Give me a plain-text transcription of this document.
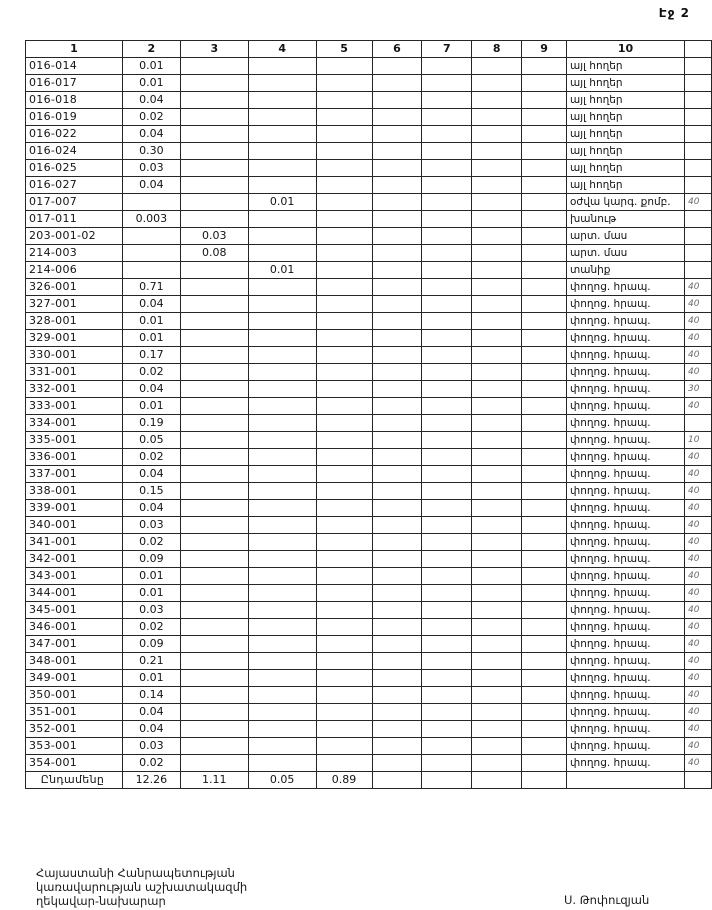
Էջ 2
1	2	3	4	5	6	7	8	9	10	
016-014	0.01								այլ հողեր	
016-017	0.01								այլ հողեր	
016-018	0.04								այլ հողեր	
016-019	0.02								այլ հողեր	
016-022	0.04								այլ հողեր	
016-024	0.30								այլ հողեր	
016-025	0.03								այլ հողեր	
016-027	0.04								այլ հողեր	
017-007			0.01						օժվա կարգ. քոմբ.	40
017-011	0.003								խանութ	
203-001-02		0.03							արտ. մաս	
214-003		0.08							արտ. մաս	
214-006			0.01						տանիք	
326-001	0.71								փողոց. հրապ.	40
327-001	0.04								փողոց. հրապ.	40
328-001	0.01								փողոց. հրապ.	40
329-001	0.01								փողոց. հրապ.	40
330-001	0.17								փողոց. հրապ.	40
331-001	0.02								փողոց. հրապ.	40
332-001	0.04								փողոց. հրապ.	30
333-001	0.01								փողոց. հրապ.	40
334-001	0.19								փողոց. հրապ.	
335-001	0.05								փողոց. հրապ.	10
336-001	0.02								փողոց. հրապ.	40
337-001	0.04								փողոց. հրապ.	40
338-001	0.15								փողոց. հրապ.	40
339-001	0.04								փողոց. հրապ.	40
340-001	0.03								փողոց. հրապ.	40
341-001	0.02								փողոց. հրապ.	40
342-001	0.09								փողոց. հրապ.	40
343-001	0.01								փողոց. հրապ.	40
344-001	0.01								փողոց. հրապ.	40
345-001	0.03								փողոց. հրապ.	40
346-001	0.02								փողոց. հրապ.	40
347-001	0.09								փողոց. հրապ.	40
348-001	0.21								փողոց. հրապ.	40
349-001	0.01								փողոց. հրապ.	40
350-001	0.14								փողոց. հրապ.	40
351-001	0.04								փողոց. հրապ.	40
352-001	0.04								փողոց. հրապ.	40
353-001	0.03								փողոց. հրապ.	40
354-001	0.02								փողոց. հրապ.	40
Ընդամենը	12.26	1.11	0.05	0.89						
Հայաստանի Հանրապետության
կառավարության աշխատակազմի
ղեկավար-նախարար	Ս. Թոփուզյան
